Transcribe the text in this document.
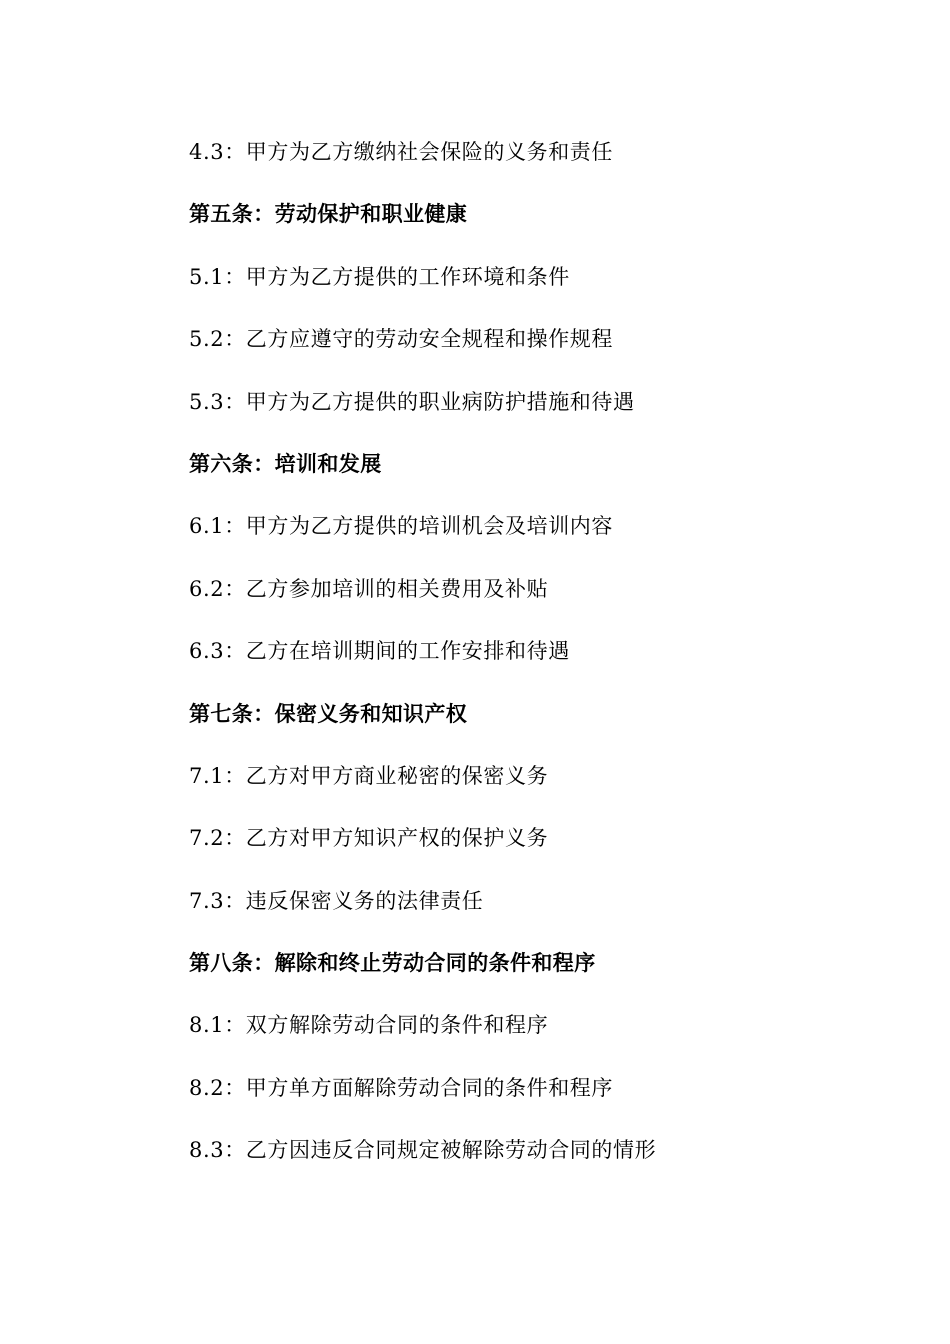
4.3：甲方为乙方缴纳社会保险的义务和责任
第五条：劳动保护和职业健康
5.1：甲方为乙方提供的工作环境和条件
5.2：乙方应遵守的劳动安全规程和操作规程
5.3：甲方为乙方提供的职业病防护措施和待遇
第六条：培训和发展
6.1：甲方为乙方提供的培训机会及培训内容
6.2：乙方参加培训的相关费用及补贴
6.3：乙方在培训期间的工作安排和待遇
第七条：保密义务和知识产权
7.1：乙方对甲方商业秘密的保密义务
7.2：乙方对甲方知识产权的保护义务
7.3：违反保密义务的法律责任
第八条：解除和终止劳动合同的条件和程序
8.1：双方解除劳动合同的条件和程序
8.2：甲方单方面解除劳动合同的条件和程序
8.3：乙方因违反合同规定被解除劳动合同的情形
